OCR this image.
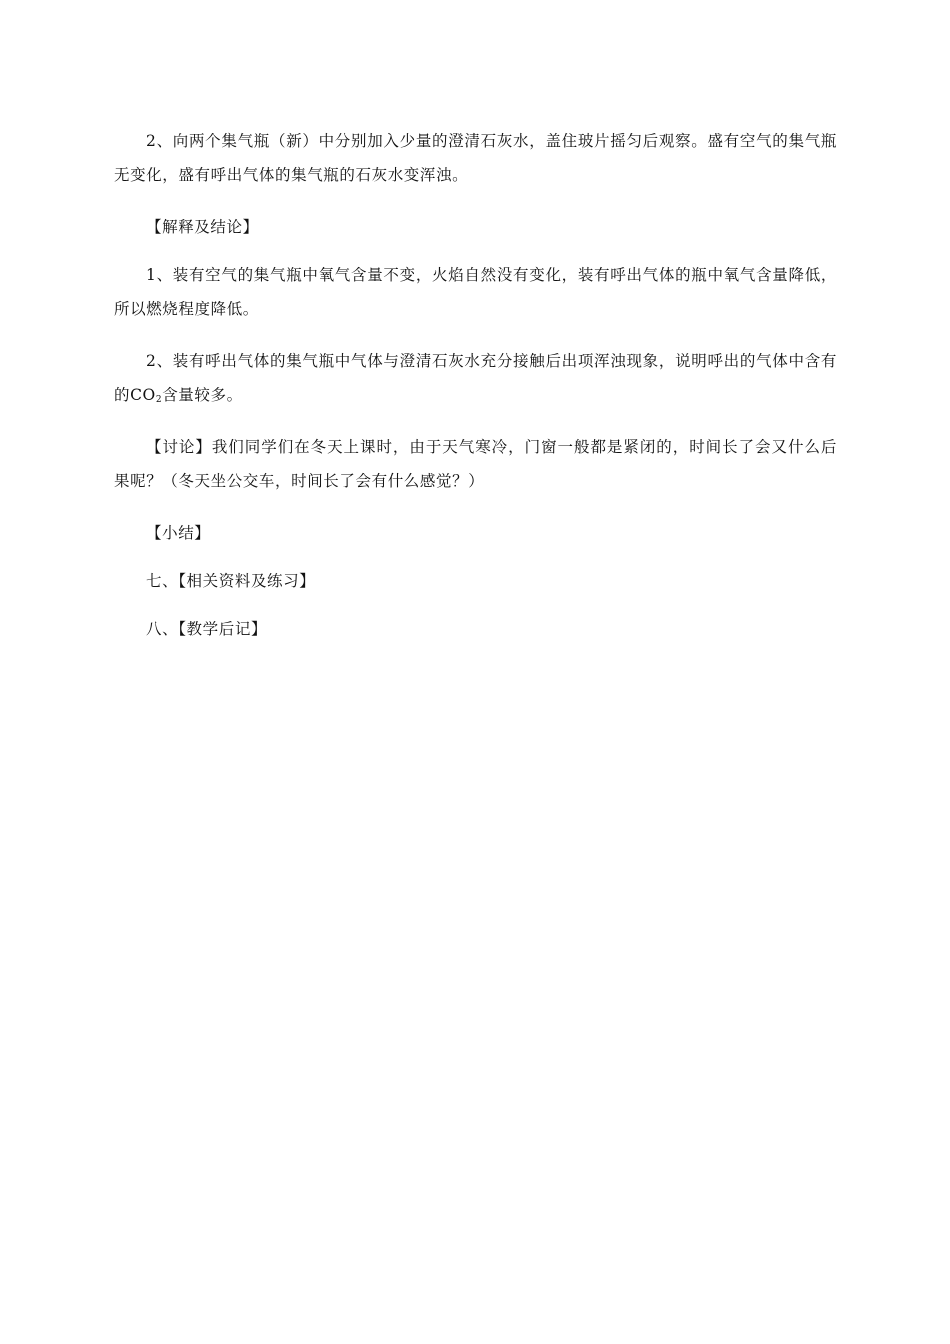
2、向两个集气瓶（新）中分别加入少量的澄清石灰水，盖住玻片摇匀后观察。盛有空气的集气瓶无变化，盛有呼出气体的集气瓶的石灰水变浑浊。

【解释及结论】

1、装有空气的集气瓶中氧气含量不变，火焰自然没有变化，装有呼出气体的瓶中氧气含量降低，所以燃烧程度降低。

2、装有呼出气体的集气瓶中气体与澄清石灰水充分接触后出项浑浊现象，说明呼出的气体中含有的$CO_2$含量较多。

【讨论】我们同学们在冬天上课时，由于天气寒冷，门窗一般都是紧闭的，时间长了会又什么后果呢？（冬天坐公交车，时间长了会有什么感觉？）

【小结】

七、【相关资料及练习】

八、【教学后记】
